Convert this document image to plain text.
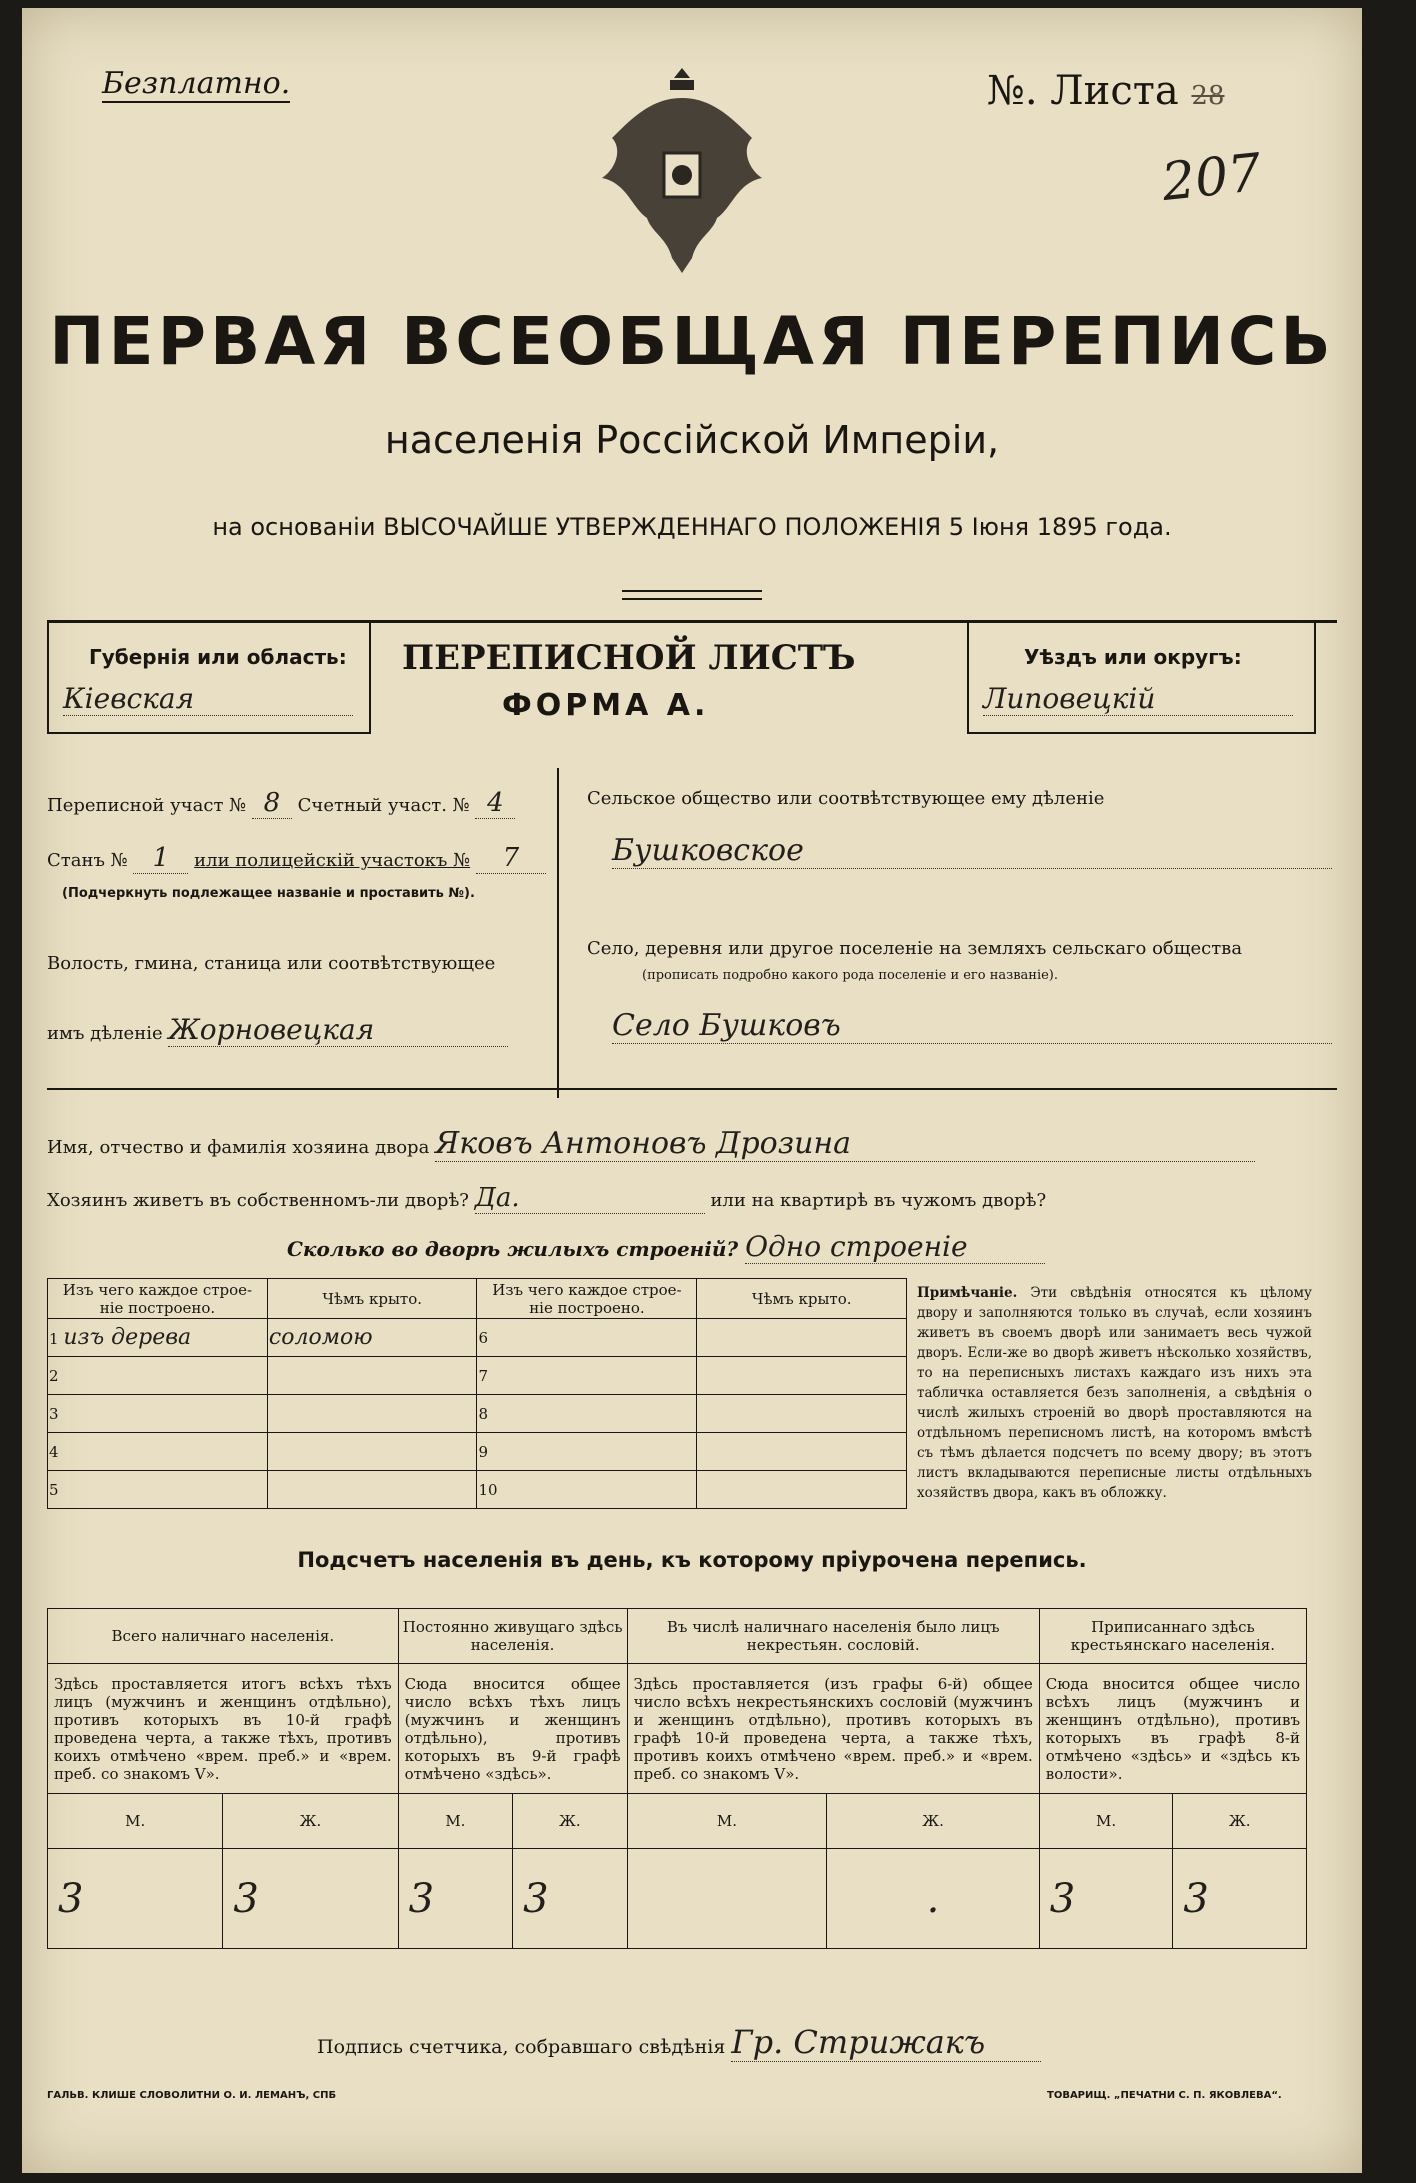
Безплатно.	№. Листа 28
207
ПЕРВАЯ ВСЕОБЩАЯ ПЕРЕПИСЬ
населенія Россійской Имперіи,
на основаніи ВЫСОЧАЙШЕ УТВЕРЖДЕННАГО ПОЛОЖЕНІЯ 5 Іюня 1895 года.
Губернія или область:
Кіевская
ПЕРЕПИСНОЙ ЛИСТЪ
ФОРМА А.
Уѣздъ или округъ:
Липовецкій
Переписной участ № 8 Счетный участ. № 4
Станъ № 1 или полицейскій участокъ № 7
(Подчеркнуть подлежащее названіе и проставить №).
Волость, гмина, станица или соотвѣтствующее
имъ дѣленіе Жорновецкая
Сельское общество или соотвѣтствующее ему дѣленіе
Бушковское
Село, деревня или другое поселеніе на земляхъ сельскаго общества
(прописать подробно какого рода поселеніе и его названіе).
Село Бушковъ
Имя, отчество и фамилія хозяина двора Яковъ Антоновъ Дрозина
Хозяинъ живетъ въ собственномъ-ли дворѣ? Да.	или на квартирѣ въ чужомъ дворѣ?
Сколько во дворѣ жилыхъ строеній? Одно строеніе
Изъ чего каждое строе- ніе построено.	Чѣмъ крыто.	Изъ чего каждое строе- ніе построено.	Чѣмъ крыто.
1 изъ дерева	соломою	6	
2		7	
3		8	
4		9	
5		10	
Примѣчаніе. Эти свѣдѣнія относятся къ цѣлому двору и заполняются только въ случаѣ, если хозяинъ живетъ въ своемъ дворѣ или занимаетъ весь чужой дворъ. Если-же во дворѣ живетъ нѣсколько хозяйствъ, то на переписныхъ листахъ каждаго изъ нихъ эта табличка оставляется безъ заполненія, а свѣдѣнія о числѣ жилыхъ строеній во дворѣ проставляются на отдѣльномъ переписномъ листѣ, на которомъ вмѣстѣ съ тѣмъ дѣлается подсчетъ по всему двору; въ этотъ листъ вкладываются переписные листы отдѣльныхъ хозяйствъ двора, какъ въ обложку.
Подсчетъ населенія въ день, къ которому пріурочена перепись.
Всего наличнаго населенія.		Постоянно живущаго здѣсь населенія.		Въ числѣ наличнаго населенія было лицъ некрестьян. сословій.		Приписаннаго здѣсь крестьянскаго населенія.	
Здѣсь проставляется итогъ всѣхъ тѣхъ лицъ (мужчинъ и женщинъ отдѣльно), противъ которыхъ въ 10-й графѣ проведена черта, а также тѣхъ, противъ коихъ отмѣчено «врем. преб.» и «врем. преб. со знакомъ V».		Сюда вносится общее число всѣхъ тѣхъ лицъ (мужчинъ и женщинъ отдѣльно), противъ которыхъ въ 9-й графѣ отмѣчено «здѣсь».		Здѣсь проставляется (изъ графы 6-й) общее число всѣхъ некрестьянскихъ сословій (мужчинъ и женщинъ отдѣльно), противъ которыхъ въ графѣ 10-й проведена черта, а также тѣхъ, противъ коихъ отмѣчено «врем. преб.» и «врем. преб. со знакомъ V».		Сюда вносится общее число всѣхъ лицъ (мужчинъ и женщинъ отдѣльно), противъ которыхъ въ графѣ 8-й отмѣчено «здѣсь» и «здѣсь къ волости».	
М.	Ж.	М.	Ж.	М.	Ж.	М.	Ж.
3	3	3	3		.	3	3
Подпись счетчика, собравшаго свѣдѣнія Гр. Стрижакъ
ГАЛЬВ. КЛИШЕ СЛОВОЛИТНИ О. И. ЛЕМАНЪ, СПБ	ТОВАРИЩ. „ПЕЧАТНИ С. П. ЯКОВЛЕВА“.
